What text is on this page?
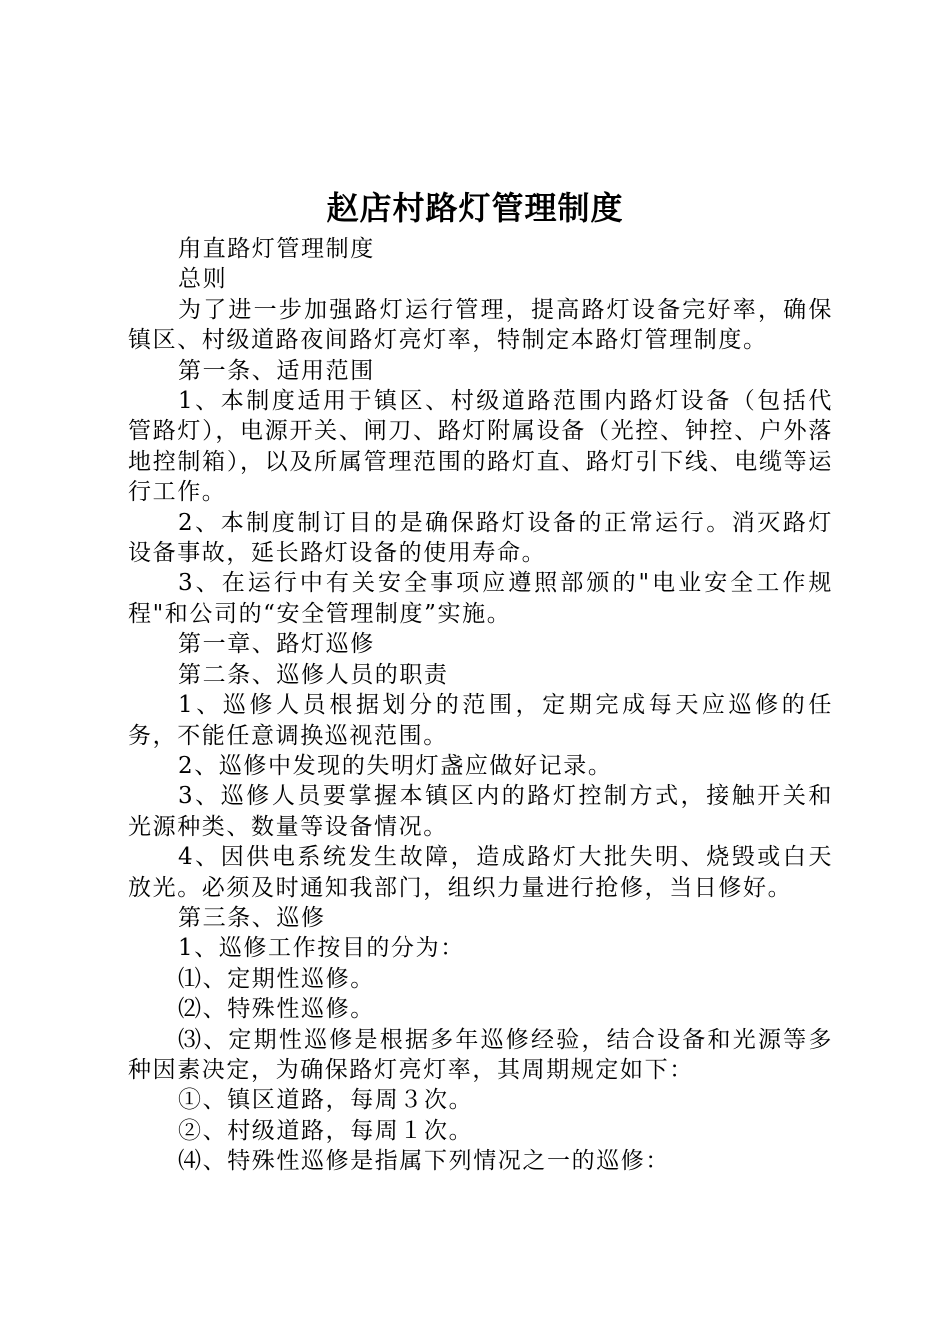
赵店村路灯管理制度

甪直路灯管理制度

总则

为了进一步加强路灯运行管理，提高路灯设备完好率，确保镇区、村级道路夜间路灯亮灯率，特制定本路灯管理制度。

第一条、适用范围

1、本制度适用于镇区、村级道路范围内路灯设备（包括代管路灯），电源开关、闸刀、路灯附属设备（光控、钟控、户外落地控制箱），以及所属管理范围的路灯直、路灯引下线、电缆等运行工作。

2、本制度制订目的是确保路灯设备的正常运行。消灭路灯设备事故，延长路灯设备的使用寿命。

3、在运行中有关安全事项应遵照部颁的"电业安全工作规程"和公司的“安全管理制度”实施。

第一章、路灯巡修

第二条、巡修人员的职责

1、巡修人员根据划分的范围，定期完成每天应巡修的任务，不能任意调换巡视范围。

2、巡修中发现的失明灯盏应做好记录。

3、巡修人员要掌握本镇区内的路灯控制方式，接触开关和光源种类、数量等设备情况。

4、因供电系统发生故障，造成路灯大批失明、烧毁或白天放光。必须及时通知我部门，组织力量进行抢修，当日修好。

第三条、巡修

1、巡修工作按目的分为：

⑴、定期性巡修。

⑵、特殊性巡修。

⑶、定期性巡修是根据多年巡修经验，结合设备和光源等多种因素决定，为确保路灯亮灯率，其周期规定如下：

①、镇区道路，每周３次。

②、村级道路，每周１次。

⑷、特殊性巡修是指属下列情况之一的巡修：
